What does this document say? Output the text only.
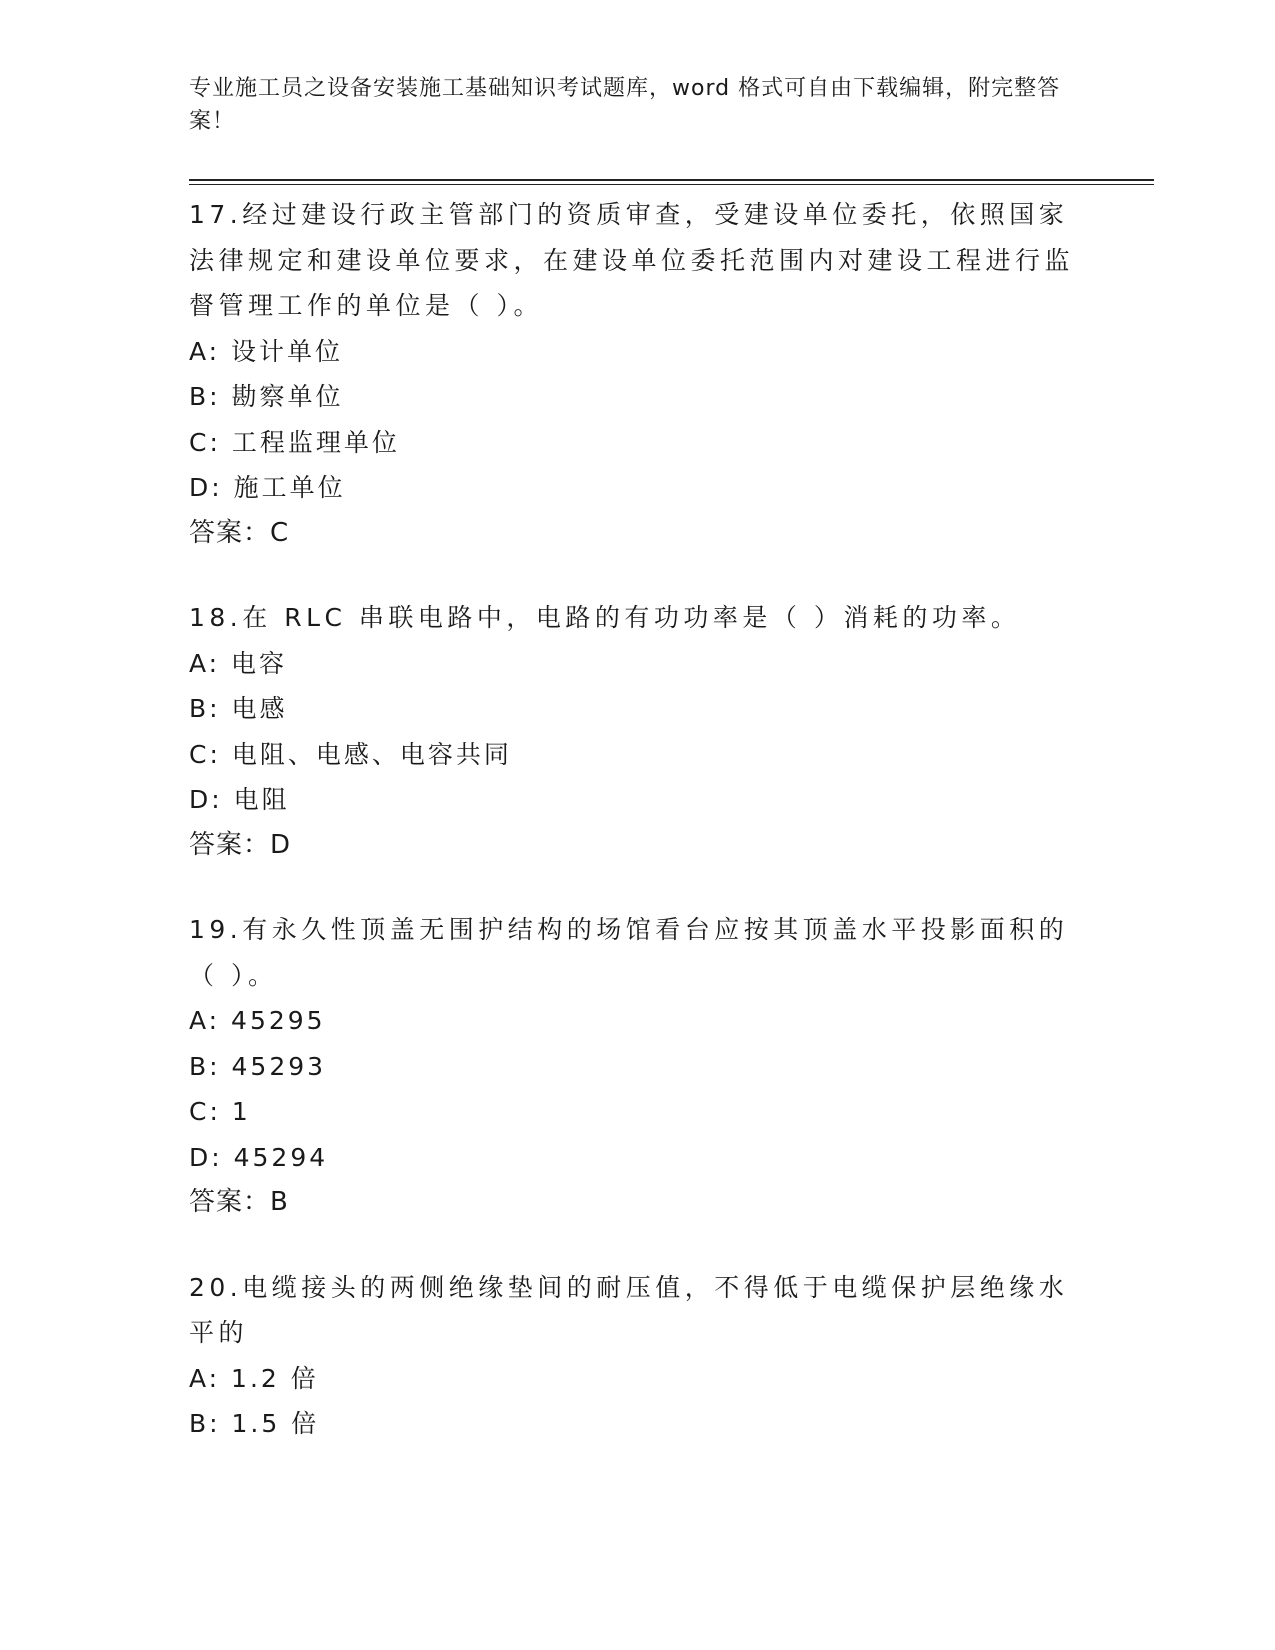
专业施工员之设备安装施工基础知识考试题库，word 格式可自由下载编辑，附完整答案！
17.经过建设行政主管部门的资质审查，受建设单位委托，依照国家法律规定和建设单位要求，在建设单位委托范围内对建设工程进行监督管理工作的单位是（ ）。
A: 设计单位
B: 勘察单位
C: 工程监理单位
D: 施工单位
答案：C
18.在 RLC 串联电路中，电路的有功功率是（ ）消耗的功率。
A: 电容
B: 电感
C: 电阻、电感、电容共同
D: 电阻
答案：D
19.有永久性顶盖无围护结构的场馆看台应按其顶盖水平投影面积的（ ）。
A: 45295
B: 45293
C: 1
D: 45294
答案：B
20.电缆接头的两侧绝缘垫间的耐压值，不得低于电缆保护层绝缘水平的
A: 1.2 倍
B: 1.5 倍
